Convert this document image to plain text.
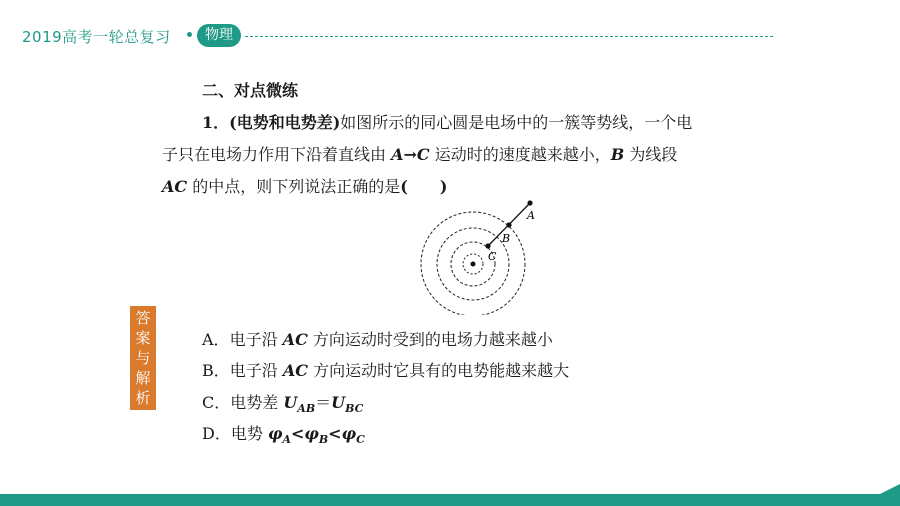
2019高考一轮总复习	物理
答
案
与
解
析
二、对点微练
1．(电势和电势差)如图所示的同心圆是电场中的一簇等势线，一个电
子只在电场力作用下沿着直线由 A→C 运动时的速度越来越小，B 为线段
AC 的中点，则下列说法正确的是(　　)
A
B
C
A．电子沿 AC 方向运动时受到的电场力越来越小
B．电子沿 AC 方向运动时它具有的电势能越来越大
C．电势差 $U_{AB}=U_{BC}$
D．电势 $\varphi_A<\varphi_B<\varphi_C$
